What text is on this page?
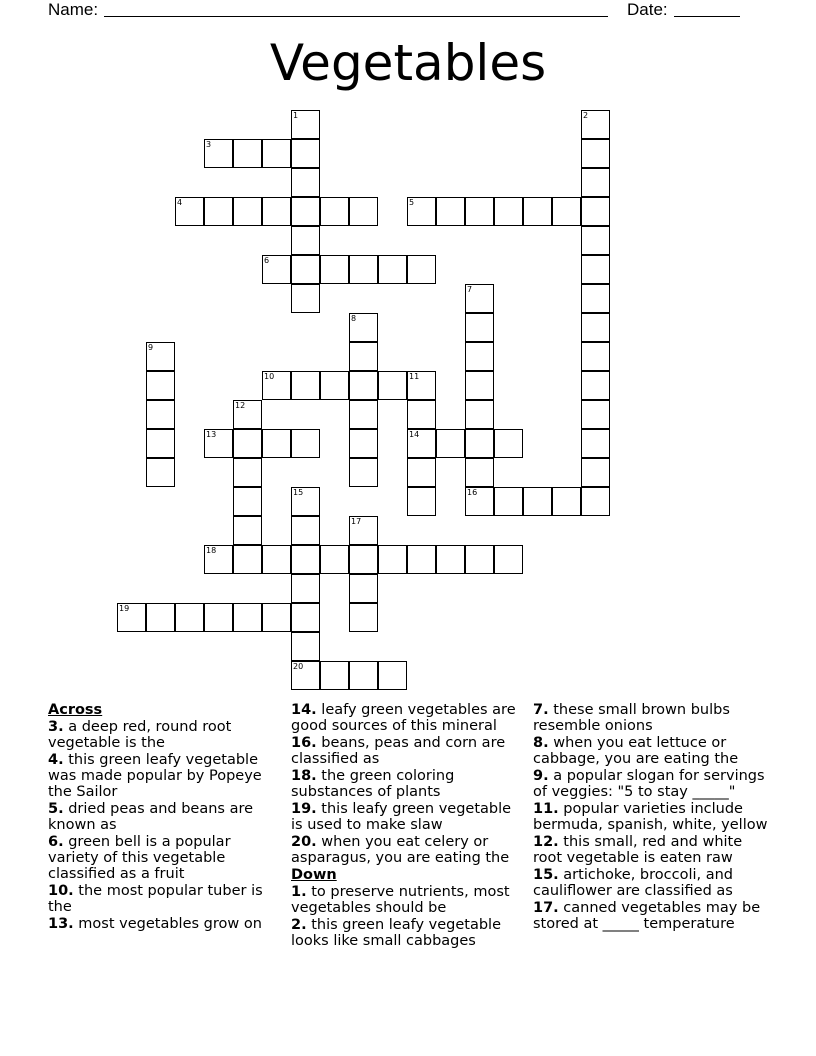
Name:	Date:
Vegetables
1	2
3
4	5
6
7
16
8
9
10	11
14
12
13
15
20
17
18
19

Across

3. a deep red, round root vegetable is the

4. this green leafy vegetable was made popular by Popeye the Sailor

5. dried peas and beans are known as

6. green bell is a popular variety of this vegetable classified as a fruit

10. the most popular tuber is the

13. most vegetables grow on

14. leafy green vegetables are good sources of this mineral

16. beans, peas and corn are classified as

18. the green coloring substances of plants

19. this leafy green vegetable is used to make slaw

20. when you eat celery or asparagus, you are eating the

Down

1. to preserve nutrients, most vegetables should be

2. this green leafy vegetable looks like small cabbages

7. these small brown bulbs resemble onions

8. when you eat lettuce or cabbage, you are eating the

9. a popular slogan for servings of veggies: "5 to stay _____"

11. popular varieties include bermuda, spanish, white, yellow

12. this small, red and white root vegetable is eaten raw

15. artichoke, broccoli, and cauliflower are classified as

17. canned vegetables may be stored at _____ temperature
